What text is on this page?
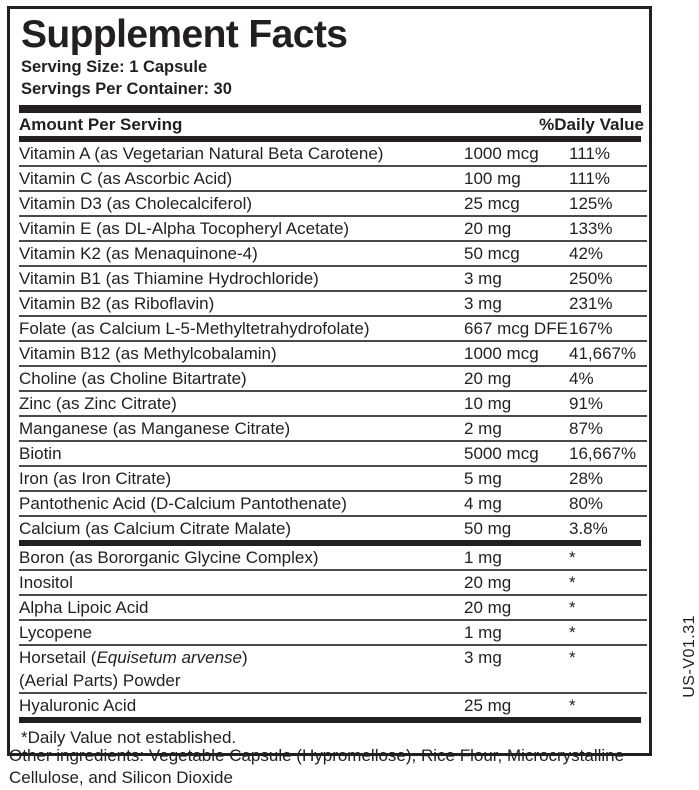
Supplement Facts
Serving Size: 1 Capsule
Servings Per Container: 30
Amount Per Serving	%Daily Value
Vitamin A (as Vegetarian Natural Beta Carotene)	1000 mcg	111%
Vitamin C (as Ascorbic Acid)	100 mg	111%
Vitamin D3 (as Cholecalciferol)	25 mcg	125%
Vitamin E (as DL-Alpha Tocopheryl Acetate)	20 mg	133%
Vitamin K2 (as Menaquinone-4)	50 mcg	42%
Vitamin B1 (as Thiamine Hydrochloride)	3 mg	250%
Vitamin B2 (as Riboflavin)	3 mg	231%
Folate (as Calcium L-5-Methyltetrahydrofolate)	667 mcg DFE	167%
Vitamin B12 (as Methylcobalamin)	1000 mcg	41,667%
Choline (as Choline Bitartrate)	20 mg	4%
Zinc (as Zinc Citrate)	10 mg	91%
Manganese (as Manganese Citrate)	2 mg	87%
Biotin	5000 mcg	16,667%
Iron (as Iron Citrate)	5 mg	28%
Pantothenic Acid (D-Calcium Pantothenate)	4 mg	80%
Calcium (as Calcium Citrate Malate)	50 mg	3.8%
Boron (as Bororganic Glycine Complex)	1 mg	*
Inositol	20 mg	*
Alpha Lipoic Acid	20 mg	*
Lycopene	1 mg	*
Horsetail (Equisetum arvense)	3 mg	*
(Aerial Parts) Powder		
Hyaluronic Acid	25 mg	*
*Daily Value not established.
Other ingredients: Vegetable Capsule (Hypromellose), Rice Flour, Microcrystalline Cellulose, and Silicon Dioxide
US-V01.31
